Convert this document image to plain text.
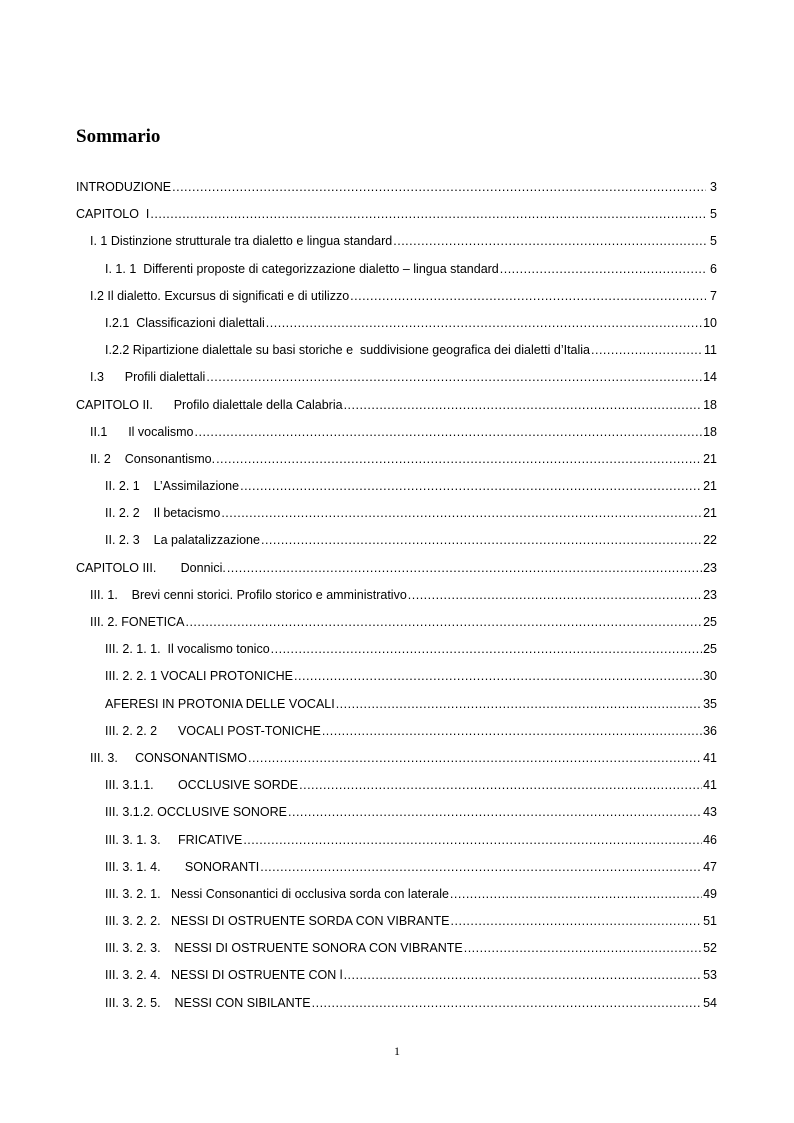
Sommario
INTRODUZIONE .....	3
CAPITOLO  I .....	5
I. 1 Distinzione strutturale tra dialetto e lingua standard .....	5
I. 1. 1  Differenti proposte di categorizzazione dialetto – lingua standard .....	6
I.2 Il dialetto. Excursus di significati e di utilizzo .....	7
I.2.1  Classificazioni dialettali .....	10
I.2.2 Ripartizione dialettale su basi storiche e  suddivisione geografica dei dialetti d’Italia .....	11
I.3      Profili dialettali .....	14
CAPITOLO II.      Profilo dialettale della Calabria .....	18
II.1      Il vocalismo .....	18
II. 2    Consonantismo. .....	21
II. 2. 1    L’Assimilazione .....	21
II. 2. 2    Il betacismo .....	21
II. 2. 3    La palatalizzazione .....	22
CAPITOLO III.       Donnici. .....	23
III. 1.    Brevi cenni storici. Profilo storico e amministrativo .....	23
III. 2. FONETICA .....	25
III. 2. 1. 1.  Il vocalismo tonico .....	25
III. 2. 2. 1 VOCALI PROTONICHE .....	30
AFERESI IN PROTONIA DELLE VOCALI .....	35
III. 2. 2. 2      VOCALI POST-TONICHE .....	36
III. 3.     CONSONANTISMO .....	41
III. 3.1.1.       OCCLUSIVE SORDE .....	41
III. 3.1.2. OCCLUSIVE SONORE .....	43
III. 3. 1. 3.     FRICATIVE .....	46
III. 3. 1. 4.       SONORANTI .....	47
III. 3. 2. 1.   Nessi Consonantici di occlusiva sorda con laterale .....	49
III. 3. 2. 2.   NESSI DI OSTRUENTE SORDA CON VIBRANTE .....	51
III. 3. 2. 3.    NESSI DI OSTRUENTE SONORA CON VIBRANTE .....	52
III. 3. 2. 4.   NESSI DI OSTRUENTE CON l .....	53
III. 3. 2. 5.    NESSI CON SIBILANTE .....	54
1
